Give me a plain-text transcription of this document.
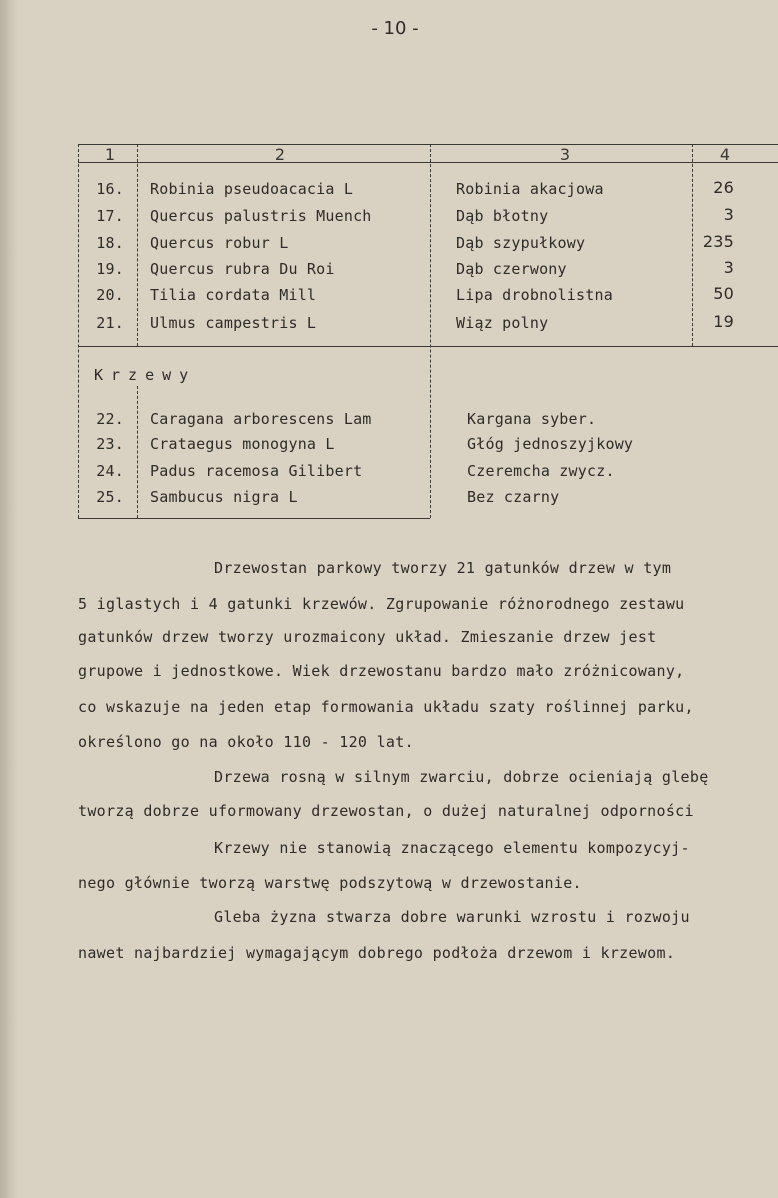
- 10 -
1	2	3	4
16. Robinia pseudoacacia L	Robinia akacjowa	26
17. Quercus palustris Muench	Dąb błotny	3
18. Quercus robur L	Dąb szypułkowy	235
19. Quercus rubra Du Roi	Dąb czerwony	3
20. Tilia cordata Mill	Lipa drobnolistna	50
21. Ulmus campestris L	Wiąz polny	19
Krzewy
22. Caragana arborescens Lam	Kargana syber.
23. Crataegus monogyna L	Głóg jednoszyjkowy
24. Padus racemosa Gilibert	Czeremcha zwycz.
25. Sambucus nigra L	Bez czarny
Drzewostan parkowy tworzy 21 gatunków drzew w tym
5 iglastych i 4 gatunki krzewów. Zgrupowanie różnorodnego zestawu
gatunków drzew tworzy urozmaicony układ. Zmieszanie drzew jest
grupowe i jednostkowe. Wiek drzewostanu bardzo mało zróżnicowany,
co wskazuje na jeden etap formowania układu szaty roślinnej parku,
określono go na około 110 - 120 lat.
Drzewa rosną w silnym zwarciu, dobrze ocieniają glebę
tworzą dobrze uformowany drzewostan, o dużej naturalnej odporności
Krzewy nie stanowią znaczącego elementu kompozycyj-
nego głównie tworzą warstwę podszytową w drzewostanie.
Gleba żyzna stwarza dobre warunki wzrostu i rozwoju
nawet najbardziej wymagającym dobrego podłoża drzewom i krzewom.
